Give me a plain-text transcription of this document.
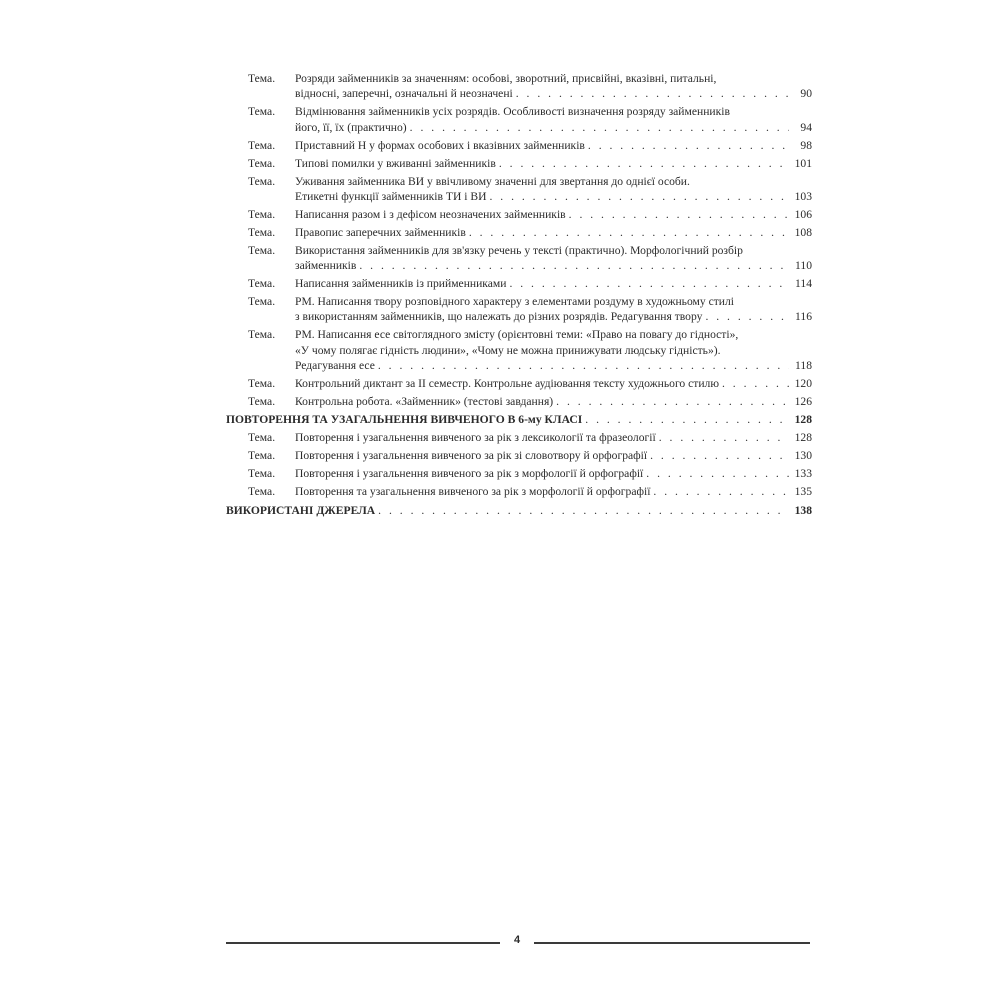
Тема.	Розряди займенників за значенням: особові, зворотний, присвійні, вказівні, питальні,
відносні, заперечні, означальні й неозначені . . .	90
Тема.	Відмінювання займенників усіх розрядів. Особливості визначення розряду займенників
його, її, їх (практично) . . .	94
Тема.	Приставний Н у формах особових і вказівних займенників . . .	98
Тема.	Типові помилки у вживанні займенників . . .	101
Тема.	Уживання займенника ВИ у ввічливому значенні для звертання до однієї особи.
Етикетні функції займенників ТИ і ВИ . . .	103
Тема.	Написання разом і з дефісом неозначених займенників . . .	106
Тема.	Правопис заперечних займенників . . .	108
Тема.	Використання займенників для зв'язку речень у тексті (практично). Морфологічний розбір
займенників . . .	110
Тема.	Написання займенників із прийменниками . . .	114
Тема.	РМ. Написання твору розповідного характеру з елементами роздуму в художньому стилі
з використанням займенників, що належать до різних розрядів. Редагування твору . . .	116
Тема.	РМ. Написання есе світоглядного змісту (орієнтовні теми: «Право на повагу до гідності»,
«У чому полягає гідність людини», «Чому не можна принижувати людську гідність»).
Редагування есе . . .	118
Тема.	Контрольний диктант за ІІ семестр. Контрольне аудіювання тексту художнього стилю . . .	120
Тема.	Контрольна робота. «Займенник» (тестові завдання) . . .	126
ПОВТОРЕННЯ ТА УЗАГАЛЬНЕННЯ ВИВЧЕНОГО В 6-му КЛАСІ . . .	128
Тема.	Повторення і узагальнення вивченого за рік з лексикології та фразеології . . .	128
Тема.	Повторення і узагальнення вивченого за рік зі словотвору й орфографії . . .	130
Тема.	Повторення і узагальнення вивченого за рік з морфології й орфографії . . .	133
Тема.	Повторення та узагальнення вивченого за рік з морфології й орфографії . . .	135
ВИКОРИСТАНІ ДЖЕРЕЛА . . .	138
4
